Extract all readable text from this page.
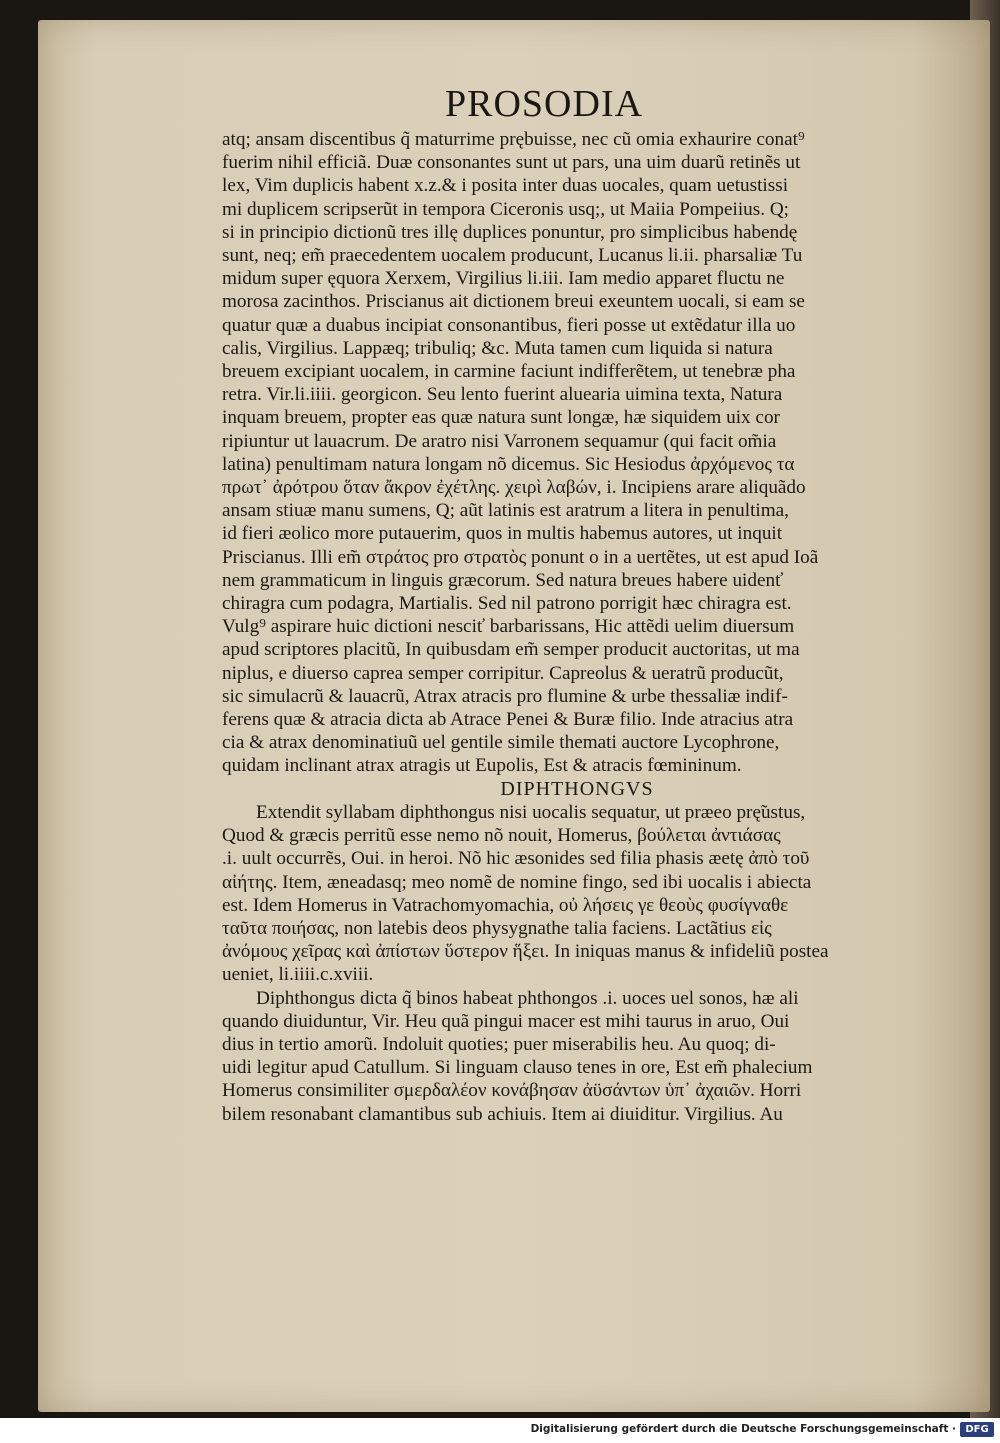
PROSODIA
atq; ansam discentibus q̃ maturrime prębuisse, nec cũ omia exhaurire conat⁹
fuerim nihil efficiã. Duæ consonantes sunt ut pars, una uim duarũ retinẽs ut
lex, Vim duplicis habent x.z.& i posita inter duas uocales, quam uetustissi
mi duplicem scripserũt in tempora Ciceronis usq;, ut Maiia Pompeiius. Q;
si in principio dictionũ tres illę duplices ponuntur, pro simplicibus habendę
sunt, neq; em̃ praecedentem uocalem producunt, Lucanus li.ii. pharsaliæ Tu
midum super ęquora Xerxem, Virgilius li.iii. Iam medio apparet fluctu ne
morosa zacinthos. Priscianus ait dictionem breui exeuntem uocali, si eam se
quatur quæ a duabus incipiat consonantibus, fieri posse ut extẽdatur illa uo
calis, Virgilius. Lappæq; tribuliq; &c. Muta tamen cum liquida si natura
breuem excipiant uocalem, in carmine faciunt indifferẽtem, ut tenebræ pha
retra. Vir.li.iiii. georgicon. Seu lento fuerint aluearia uimina texta, Natura
inquam breuem, propter eas quæ natura sunt longæ, hæ siquidem uix cor
ripiuntur ut lauacrum. De aratro nisi Varronem sequamur (qui facit om̃ia
latina) penultimam natura longam nõ dicemus. Sic Hesiodus ἀρχόμενος τα
πρωτ᾽ ἀρότρου ὅταν ἄκρον ἐχέτλης. χειρὶ λαβών, i. Incipiens arare aliquãdo
ansam stiuæ manu sumens, Q; aũt latinis est aratrum a litera in penultima,
id fieri æolico more putauerim, quos in multis habemus autores, ut inquit
Priscianus. Illi em̃ στράτος pro στρατὸς ponunt o in a uertẽtes, ut est apud Ioã
nem grammaticum in linguis græcorum. Sed natura breues habere uidenť
chiragra cum podagra, Martialis. Sed nil patrono porrigit hæc chiragra est.
Vulg⁹ aspirare huic dictioni nesciť barbarissans, Hic attẽdi uelim diuersum
apud scriptores placitũ, In quibusdam em̃ semper producit auctoritas, ut ma
niplus, e diuerso caprea semper corripitur. Capreolus & ueratrũ producũt,
sic simulacrũ & lauacrũ, Atrax atracis pro flumine & urbe thessaliæ indif-
ferens quæ & atracia dicta ab Atrace Penei & Buræ filio. Inde atracius atra
cia & atrax denominatiuũ uel gentile simile themati auctore Lycophrone,
quidam inclinant atrax atragis ut Eupolis, Est & atracis fœmininum.
DIPHTHONGVS
Extendit syllabam diphthongus nisi uocalis sequatur, ut præeo prę̃ustus,
Quod & græcis perritũ esse nemo nõ nouit, Homerus, βούλεται ἀντιάσας
.i. uult occurrẽs, Oui. in heroi. Nõ hic æsonides sed filia phasis æetę ἀπὸ τοῦ
αἰήτης. Item, æneadasq; meo nomẽ de nomine fingo, sed ibi uocalis i abiecta
est. Idem Homerus in Vatrachomyomachia, οὐ λήσεις γε θεοὺς φυσίγναθε
ταῦτα ποιήσας, non latebis deos physygnathe talia faciens. Lactãtius εἰς
ἀνόμους χεῖρας καὶ ἀπίστων ὕστερον ἥξει. In iniquas manus & infideliũ postea
ueniet, li.iiii.c.xviii.
Diphthongus dicta q̃ binos habeat phthongos .i. uoces uel sonos, hæ ali
quando diuiduntur, Vir. Heu quã pingui macer est mihi taurus in aruo, Oui
dius in tertio amorũ. Indoluit quoties; puer miserabilis heu. Au quoq; di-
uidi legitur apud Catullum. Si linguam clauso tenes in ore, Est em̃ phalecium
Homerus consimiliter σμερδαλέον κονάβησαν ἀϋσάντων ὑπ᾽ ἀχαιῶν. Horri
bilem resonabant clamantibus sub achiuis. Item ai diuiditur. Virgilius. Au
Digitalisierung gefördert durch die Deutsche Forschungsgemeinschaft · DFG
